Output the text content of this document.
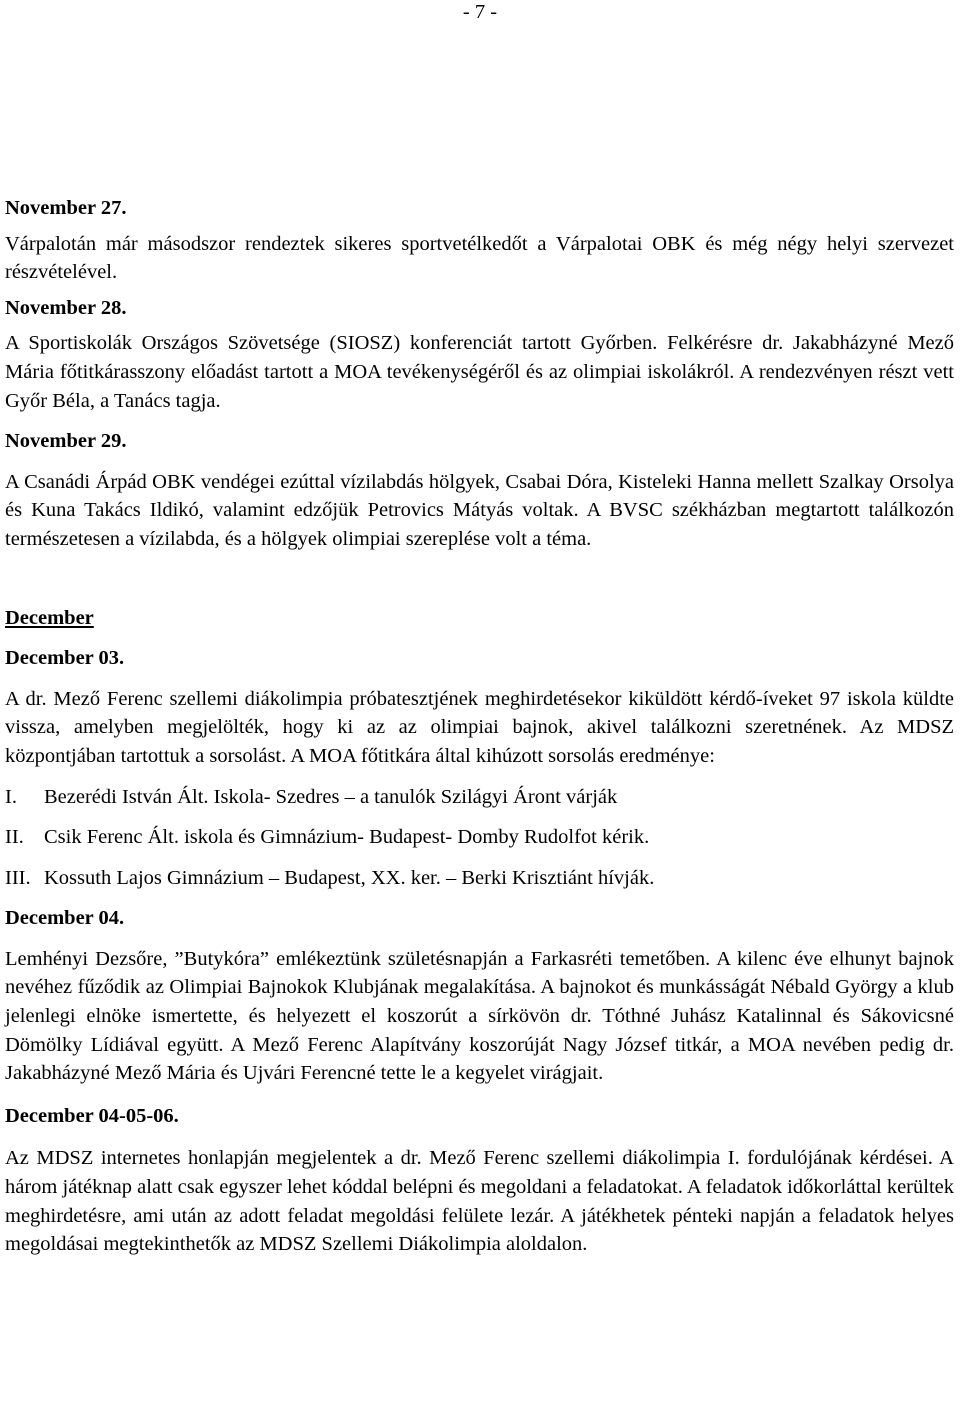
- 7 -

November 27.

Várpalotán már másodszor rendeztek sikeres sportvetélkedőt a Várpalotai OBK és még négy helyi szervezet részvételével.

November 28.

A Sportiskolák Országos Szövetsége (SIOSZ) konferenciát tartott Győrben. Felkérésre dr. Jakabházyné Mező Mária főtitkárasszony előadást tartott a MOA tevékenységéről és az olimpiai iskolákról. A rendezvényen részt vett Győr Béla, a Tanács tagja.

November 29.

A Csanádi Árpád OBK vendégei ezúttal vízilabdás hölgyek, Csabai Dóra, Kisteleki Hanna mellett Szalkay Orsolya és Kuna Takács Ildikó, valamint edzőjük Petrovics Mátyás voltak. A BVSC székházban megtartott találkozón természetesen a vízilabda, és a hölgyek olimpiai szereplése volt a téma.

December

December 03.

A dr. Mező Ferenc szellemi diákolimpia próbatesztjének meghirdetésekor kiküldött kérdő-íveket 97 iskola küldte vissza, amelyben megjelölték, hogy ki az az olimpiai bajnok, akivel találkozni szeretnének. Az MDSZ központjában tartottuk a sorsolást. A MOA főtitkára által kihúzott sorsolás eredménye:

I.	Bezerédi István Ált. Iskola- Szedres – a tanulók Szilágyi Áront várják
II. Csik Ferenc Ált. iskola és Gimnázium- Budapest- Domby Rudolfot kérik.
III. Kossuth Lajos Gimnázium – Budapest, XX. ker. – Berki Krisztiánt hívják.

December 04.

Lemhényi Dezsőre, ”Butykóra” emlékeztünk születésnapján a Farkasréti temetőben. A kilenc éve elhunyt bajnok nevéhez fűződik az Olimpiai Bajnokok Klubjának megalakítása. A bajnokot és munkásságát Nébald György a klub jelenlegi elnöke ismertette, és helyezett el koszorút a sírkövön dr. Tóthné Juhász Katalinnal és Sákovicsné Dömölky Lídiával együtt. A Mező Ferenc Alapítvány koszorúját Nagy József titkár, a MOA nevében pedig dr. Jakabházyné Mező Mária és Ujvári Ferencné tette le a kegyelet virágjait.

December 04-05-06.

Az MDSZ internetes honlapján megjelentek a dr. Mező Ferenc szellemi diákolimpia I. fordulójának kérdései. A három játéknap alatt csak egyszer lehet kóddal belépni és megoldani a feladatokat. A feladatok időkorláttal kerültek meghirdetésre, ami után az adott feladat megoldási felülete lezár. A játékhetek pénteki napján a feladatok helyes megoldásai megtekinthetők az MDSZ Szellemi Diákolimpia aloldalon.
